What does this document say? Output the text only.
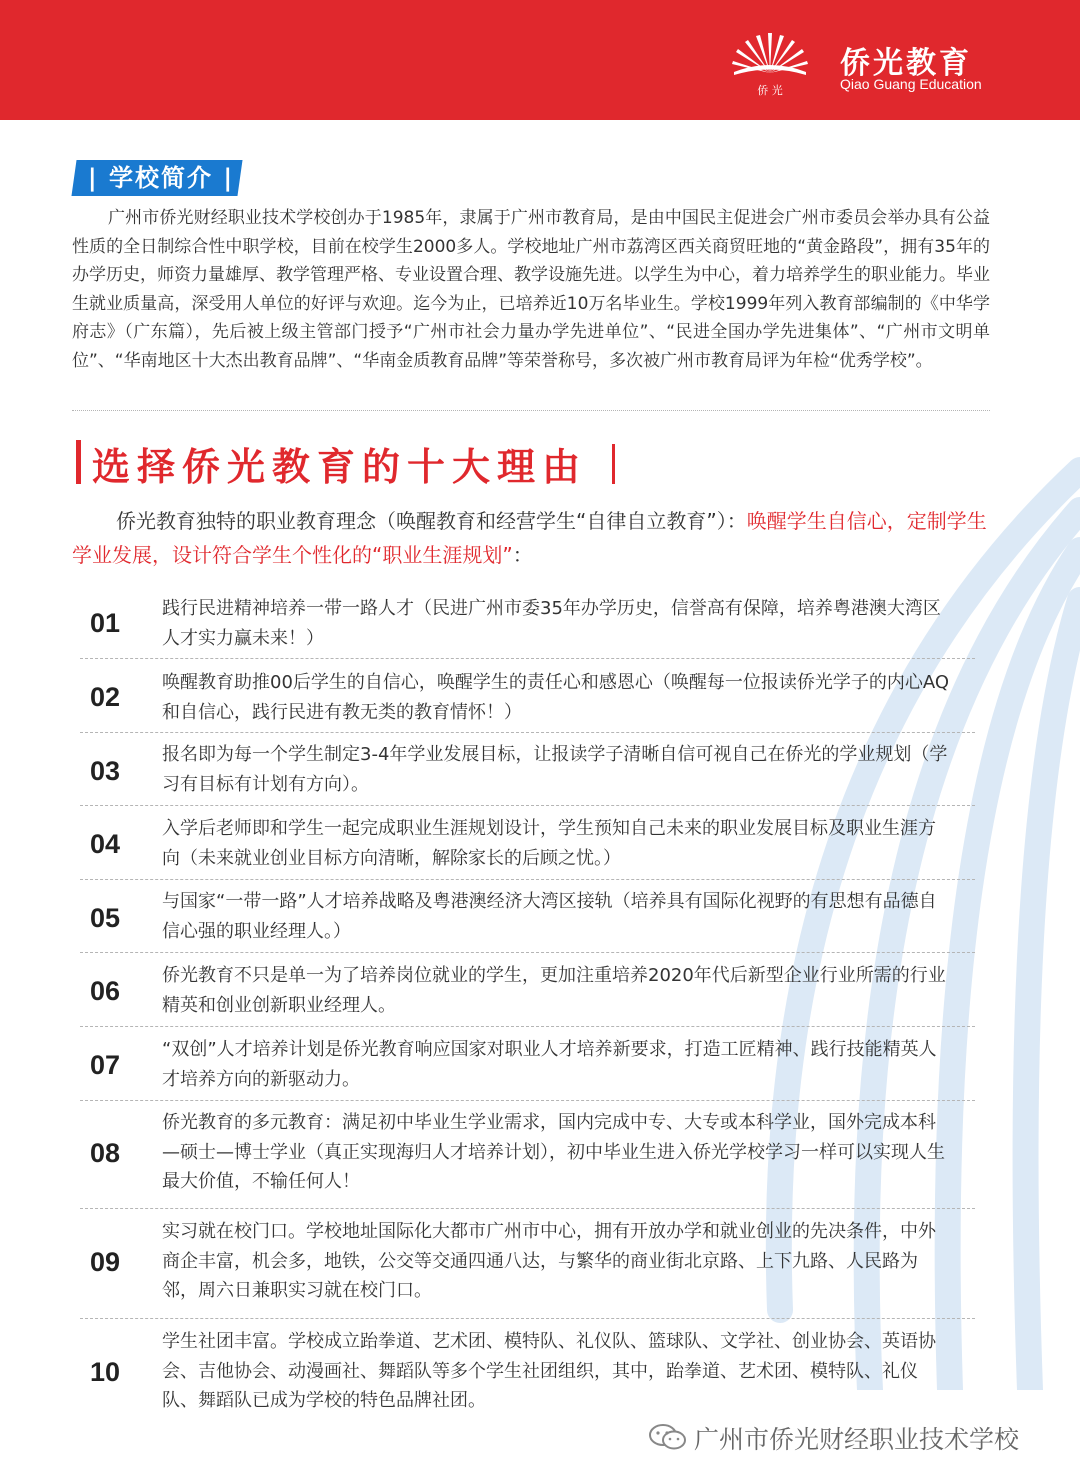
侨 光
侨光教育
Qiao Guang Education
| 学校简介 |
广州市侨光财经职业技术学校创办于1985年，隶属于广州市教育局，是由中国民主促进会广州市委员会举办具有公益性质的全日制综合性中职学校，目前在校学生2000多人。学校地址广州市荔湾区西关商贸旺地的“黄金路段”，拥有35年的办学历史，师资力量雄厚、教学管理严格、专业设置合理、教学设施先进。以学生为中心，着力培养学生的职业能力。毕业生就业质量高，深受用人单位的好评与欢迎。迄今为止，已培养近10万名毕业生。学校1999年列入教育部编制的《中华学府志》（广东篇），先后被上级主管部门授予“广州市社会力量办学先进单位”、“民进全国办学先进集体”、“广州市文明单位”、“华南地区十大杰出教育品牌”、“华南金质教育品牌”等荣誉称号，多次被广州市教育局评为年检“优秀学校”。
选择侨光教育的十大理由
侨光教育独特的职业教育理念（唤醒教育和经营学生“自律自立教育”）：唤醒学生自信心，定制学生学业发展，设计符合学生个性化的“职业生涯规划”：
01	践行民进精神培养一带一路人才（民进广州市委35年办学历史，信誉高有保障，培养粤港澳大湾区人才实力赢未来！）
02	唤醒教育助推00后学生的自信心，唤醒学生的责任心和感恩心（唤醒每一位报读侨光学子的内心AQ和自信心，践行民进有教无类的教育情怀！）
03
报名即为每一个学生制定3-4年学业发展目标，让报读学子清晰自信可视自己在侨光的学业规划（学习有目标有计划有方向）。
04
入学后老师即和学生一起完成职业生涯规划设计，学生预知自己未来的职业发展目标及职业生涯方向（未来就业创业目标方向清晰，解除家长的后顾之忧。）
05
与国家“一带一路”人才培养战略及粤港澳经济大湾区接轨（培养具有国际化视野的有思想有品德自信心强的职业经理人。）
06
侨光教育不只是单一为了培养岗位就业的学生，更加注重培养2020年代后新型企业行业所需的行业精英和创业创新职业经理人。
07
“双创”人才培养计划是侨光教育响应国家对职业人才培养新要求，打造工匠精神、践行技能精英人才培养方向的新驱动力。
08
侨光教育的多元教育：满足初中毕业生学业需求，国内完成中专、大专或本科学业，国外完成本科—硕士—博士学业（真正实现海归人才培养计划），初中毕业生进入侨光学校学习一样可以实现人生最大价值，不输任何人！
09
实习就在校门口。学校地址国际化大都市广州市中心，拥有开放办学和就业创业的先决条件，中外商企丰富，机会多，地铁，公交等交通四通八达，与繁华的商业街北京路、上下九路、人民路为邻，周六日兼职实习就在校门口。
10
学生社团丰富。学校成立跆拳道、艺术团、模特队、礼仪队、篮球队、文学社、创业协会、英语协会、吉他协会、动漫画社、舞蹈队等多个学生社团组织，其中，跆拳道、艺术团、模特队、礼仪队、舞蹈队已成为学校的特色品牌社团。
广州市侨光财经职业技术学校
